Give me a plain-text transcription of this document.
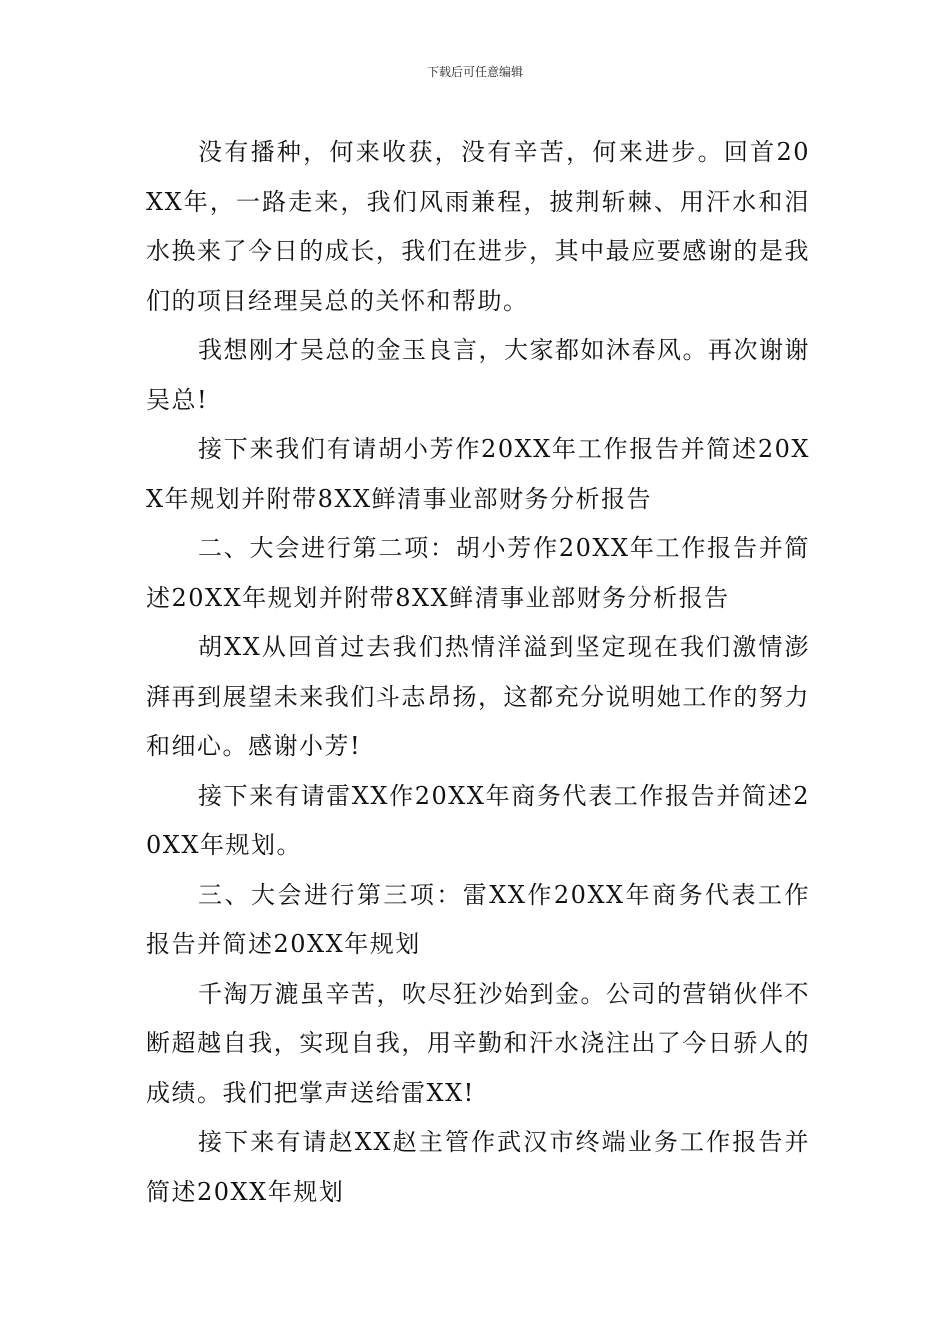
下载后可任意编辑

没有播种，何来收获，没有辛苦，何来进步。回首20XX年，一路走来，我们风雨兼程，披荆斩棘、用汗水和泪水换来了今日的成长，我们在进步，其中最应要感谢的是我们的项目经理吴总的关怀和帮助。

我想刚才吴总的金玉良言，大家都如沐春风。再次谢谢吴总!

接下来我们有请胡小芳作20XX年工作报告并简述20XX年规划并附带8XX鲜清事业部财务分析报告

二、大会进行第二项：胡小芳作20XX年工作报告并简述20XX年规划并附带8XX鲜清事业部财务分析报告

胡XX从回首过去我们热情洋溢到坚定现在我们激情澎湃再到展望未来我们斗志昂扬，这都充分说明她工作的努力和细心。感谢小芳!

接下来有请雷XX作20XX年商务代表工作报告并简述20XX年规划。

三、大会进行第三项：雷XX作20XX年商务代表工作报告并简述20XX年规划

千淘万漉虽辛苦，吹尽狂沙始到金。公司的营销伙伴不断超越自我，实现自我，用辛勤和汗水浇注出了今日骄人的成绩。我们把掌声送给雷XX!

接下来有请赵XX赵主管作武汉市终端业务工作报告并简述20XX年规划
